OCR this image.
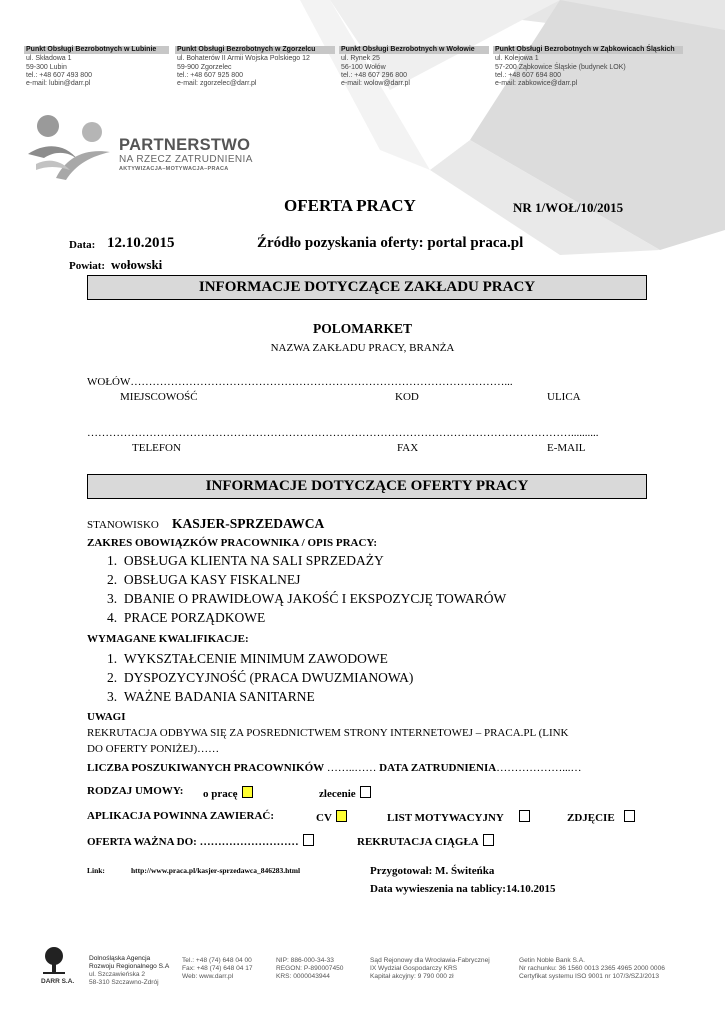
Punkt Obsługi Bezrobotnych w Lubinie
ul. Składowa 1
59-300 Lubin
tel.: +48 607 493 800
e-mail: lubin@darr.pl
Punkt Obsługi Bezrobotnych w Zgorzelcu
ul. Bohaterów II Armii Wojska Polskiego 12
59-900 Zgorzelec
tel.: +48 607 925 800
e-mail: zgorzelec@darr.pl
Punkt Obsługi Bezrobotnych w Wołowie
ul. Rynek 25
56-100 Wołów
tel.: +48 607 296 800
e-mail: wolow@darr.pl
Punkt Obsługi Bezrobotnych w Ząbkowicach Śląskich
ul. Kolejowa 1
57-200 Ząbkowice Śląskie (budynek LOK)
tel.: +48 607 694 800
e-mail: zabkowice@darr.pl
PARTNERSTWO
NA RZECZ ZATRUDNIENIA
AKTYWIZACJA–MOTYWACJA–PRACA
OFERTA PRACY	NR 1/WOŁ/10/2015
Data: 12.10.2015	Źródło pozyskania oferty: portal praca.pl
Powiat: wołowski
INFORMACJE DOTYCZĄCE ZAKŁADU PRACY
POLOMARKET
NAZWA ZAKŁADU PRACY, BRANŻA
WOŁÓW…………………………………………………………………………………………...
MIEJSCOWOŚĆ	KOD	ULICA
……………………………………………………………………………………………………………………..........
TELEFON	FAX	E-MAIL
INFORMACJE DOTYCZĄCE OFERTY PRACY
STANOWISKO KASJER-SPRZEDAWCA
ZAKRES OBOWIĄZKÓW PRACOWNIKA / OPIS PRACY:
1.  OBSŁUGA KLIENTA NA SALI SPRZEDAŻY
2.  OBSŁUGA KASY FISKALNEJ
3.  DBANIE O PRAWIDŁOWĄ JAKOŚĆ I EKSPOZYCJĘ TOWARÓW
4.  PRACE PORZĄDKOWE
WYMAGANE KWALIFIKACJE:
1.  WYKSZTAŁCENIE MINIMUM ZAWODOWE
2.  DYSPOZYCYJNOŚĆ (PRACA DWUZMIANOWA)
3.  WAŻNE BADANIA SANITARNE
UWAGI
REKRUTACJA ODBYWA SIĘ ZA POSREDNICTWEM STRONY INTERNETOWEJ – PRACA.PL (LINK
DO OFERTY PONIŻEJ)……
LICZBA POSZUKIWANYCH PRACOWNIKÓW ……..…… DATA ZATRUDNIENIA………………...…
RODZAJ UMOWY: o pracę	zlecenie
APLIKACJA POWINNA ZAWIERAĆ:	CV	LIST MOTYWACYJNY	ZDJĘCIE
OFERTA WAŻNA DO: ………………………	REKRUTACJA CIĄGŁA
Link:	http://www.praca.pl/kasjer-sprzedawca_846283.html	Przygotował: M. Świteńka
Data wywieszenia na tablicy:14.10.2015
DARR S.A.
Dolnośląska Agencja
Rozwoju Regionalnego S.A
ul. Szczawieńska 2
58-310 Szczawno-Zdrój
Tel.: +48 (74) 648 04 00
Fax: +48 (74) 648 04 17
Web: www.darr.pl
NIP: 886-000-34-33
REGON: P-890007450
KRS: 0000043944
Sąd Rejonowy dla Wrocławia-Fabrycznej
IX Wydział Gospodarczy KRS
Kapitał akcyjny: 9 790 000 zł
Getin Noble Bank S.A.
Nr rachunku: 36 1560 0013 2365 4965 2000 0006
Certyfikat systemu ISO 9001 nr 107/3/SZJ/2013
